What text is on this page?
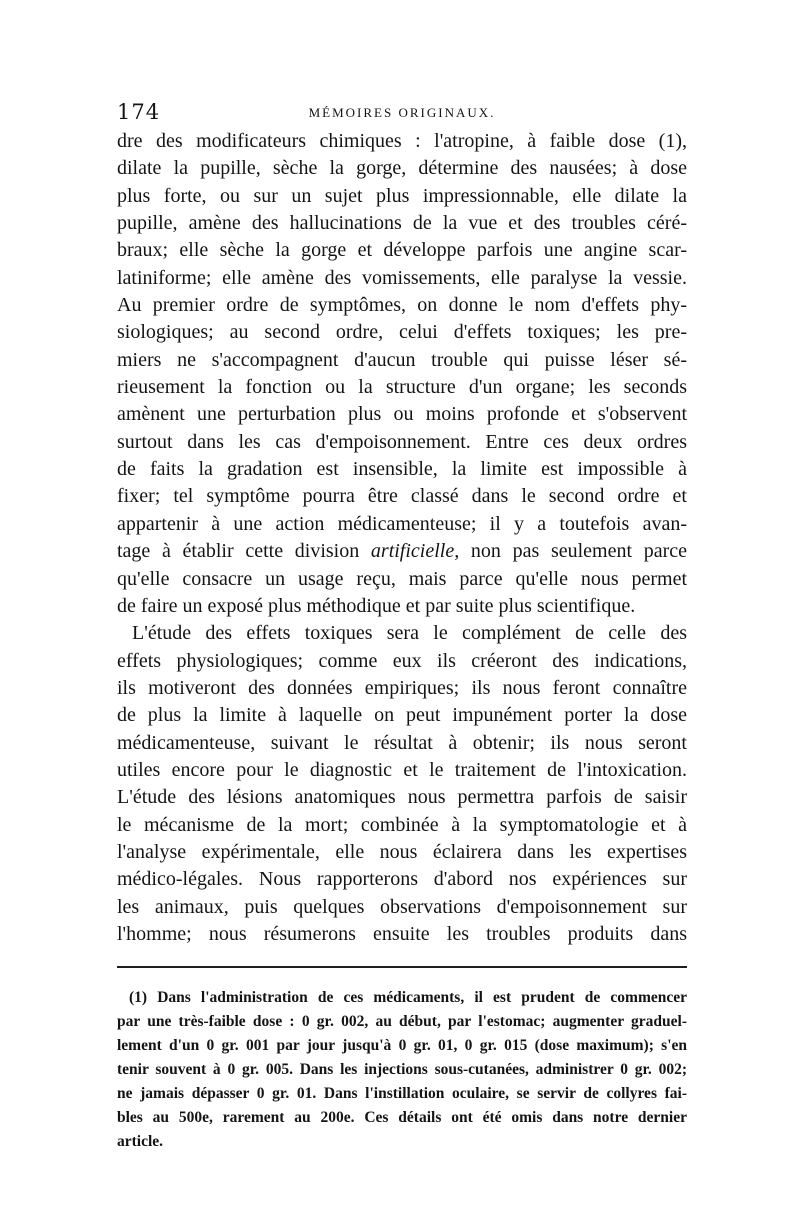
174	MÉMOIRES ORIGINAUX.
dre des modificateurs chimiques : l'atropine, à faible dose (1),
dilate la pupille, sèche la gorge, détermine des nausées; à dose
plus forte, ou sur un sujet plus impressionnable, elle dilate la
pupille, amène des hallucinations de la vue et des troubles céré-
braux; elle sèche la gorge et développe parfois une angine scar-
latiniforme; elle amène des vomissements, elle paralyse la vessie.
Au premier ordre de symptômes, on donne le nom d'effets phy-
siologiques; au second ordre, celui d'effets toxiques; les pre-
miers ne s'accompagnent d'aucun trouble qui puisse léser sé-
rieusement la fonction ou la structure d'un organe; les seconds
amènent une perturbation plus ou moins profonde et s'observent
surtout dans les cas d'empoisonnement. Entre ces deux ordres
de faits la gradation est insensible, la limite est impossible à
fixer; tel symptôme pourra être classé dans le second ordre et
appartenir à une action médicamenteuse; il y a toutefois avan-
tage à établir cette division artificielle, non pas seulement parce
qu'elle consacre un usage reçu, mais parce qu'elle nous permet
de faire un exposé plus méthodique et par suite plus scientifique.
L'étude des effets toxiques sera le complément de celle des
effets physiologiques; comme eux ils créeront des indications,
ils motiveront des données empiriques; ils nous feront connaître
de plus la limite à laquelle on peut impunément porter la dose
médicamenteuse, suivant le résultat à obtenir; ils nous seront
utiles encore pour le diagnostic et le traitement de l'intoxication.
L'étude des lésions anatomiques nous permettra parfois de saisir
le mécanisme de la mort; combinée à la symptomatologie et à
l'analyse expérimentale, elle nous éclairera dans les expertises
médico-légales. Nous rapporterons d'abord nos expériences sur
les animaux, puis quelques observations d'empoisonnement sur
l'homme; nous résumerons ensuite les troubles produits dans
(1) Dans l'administration de ces médicaments, il est prudent de commencer
par une très-faible dose : 0 gr. 002, au début, par l'estomac; augmenter graduel-
lement d'un 0 gr. 001 par jour jusqu'à 0 gr. 01, 0 gr. 015 (dose maximum); s'en
tenir souvent à 0 gr. 005. Dans les injections sous-cutanées, administrer 0 gr. 002;
ne jamais dépasser 0 gr. 01. Dans l'instillation oculaire, se servir de collyres fai-
bles au 500e, rarement au 200e. Ces détails ont été omis dans notre dernier
article.
